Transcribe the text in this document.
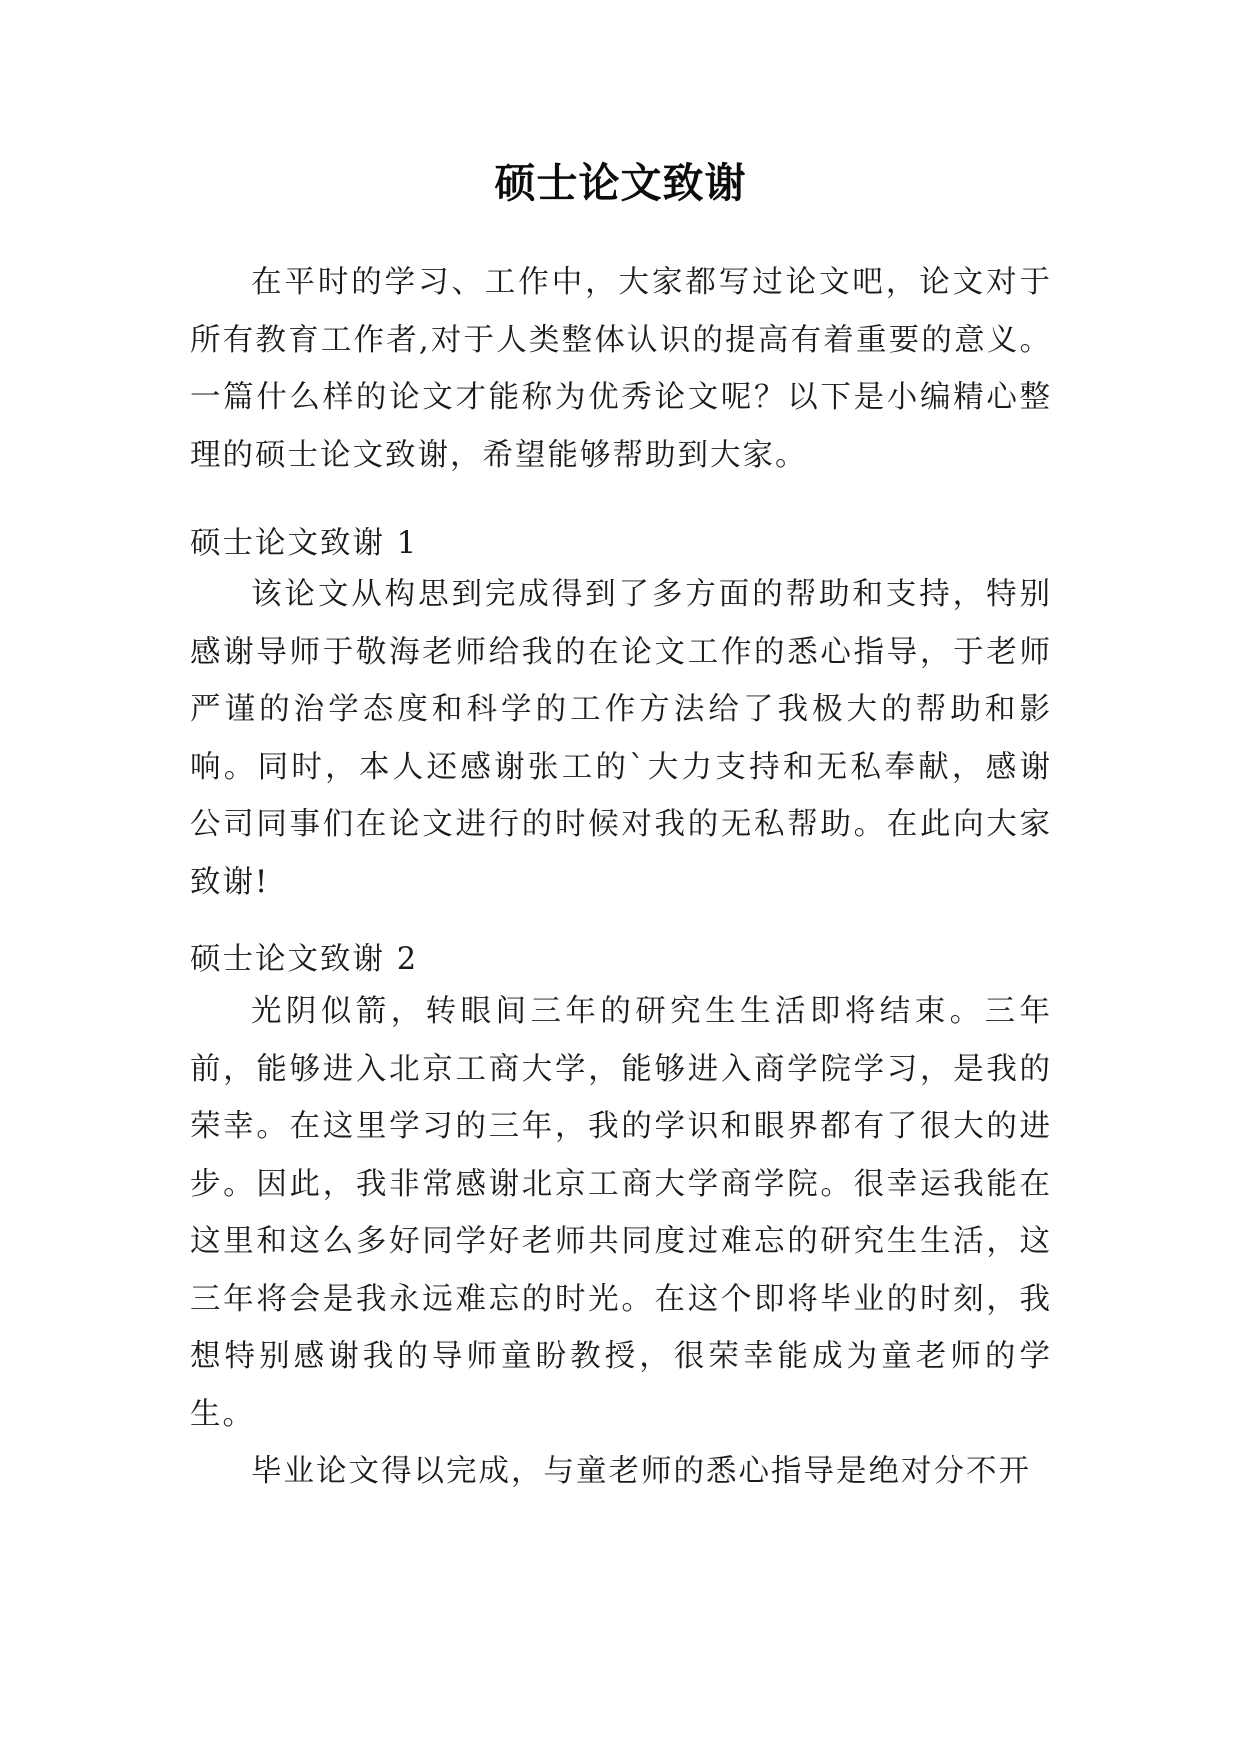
硕士论文致谢

在平时的学习、工作中，大家都写过论文吧，论文对于所有教育工作者,对于人类整体认识的提高有着重要的意义。一篇什么样的论文才能称为优秀论文呢？以下是小编精心整理的硕士论文致谢，希望能够帮助到大家。

硕士论文致谢 1

该论文从构思到完成得到了多方面的帮助和支持，特别感谢导师于敬海老师给我的在论文工作的悉心指导，于老师严谨的治学态度和科学的工作方法给了我极大的帮助和影响。同时，本人还感谢张工的`大力支持和无私奉献，感谢公司同事们在论文进行的时候对我的无私帮助。在此向大家致谢!

硕士论文致谢 2

光阴似箭，转眼间三年的研究生生活即将结束。三年前，能够进入北京工商大学，能够进入商学院学习，是我的荣幸。在这里学习的三年，我的学识和眼界都有了很大的进步。因此，我非常感谢北京工商大学商学院。很幸运我能在这里和这么多好同学好老师共同度过难忘的研究生生活，这三年将会是我永远难忘的时光。在这个即将毕业的时刻，我想特别感谢我的导师童盼教授，很荣幸能成为童老师的学生。

毕业论文得以完成，与童老师的悉心指导是绝对分不开
